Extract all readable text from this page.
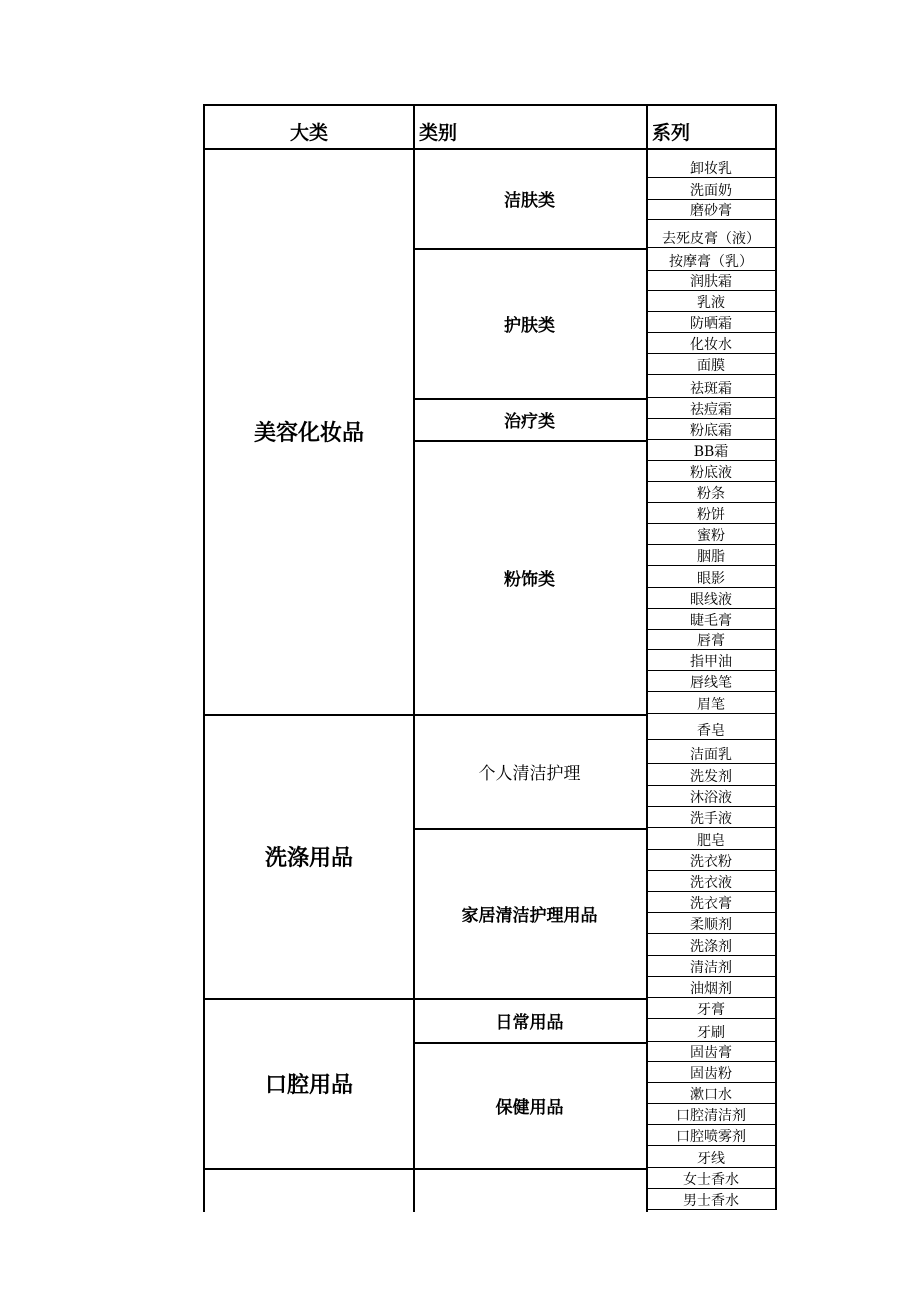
大类	类别	系列
美容化妆品
洗涤用品
口腔用品
洁肤类
护肤类
治疗类
粉饰类
个人清洁护理
家居清洁护理用品
日常用品
保健用品
卸妆乳
洗面奶
磨砂膏
去死皮膏（液）
按摩膏（乳）
润肤霜
乳液
防晒霜
化妆水
面膜
祛斑霜
祛痘霜
粉底霜
BB霜
粉底液
粉条
粉饼
蜜粉
胭脂
眼影
眼线液
睫毛膏
唇膏
指甲油
唇线笔
眉笔
香皂
洁面乳
洗发剂
沐浴液
洗手液
肥皂
洗衣粉
洗衣液
洗衣膏
柔顺剂
洗涤剂
清洁剂
油烟剂
牙膏
牙刷
固齿膏
固齿粉
漱口水
口腔清洁剂
口腔喷雾剂
牙线
女士香水
男士香水
